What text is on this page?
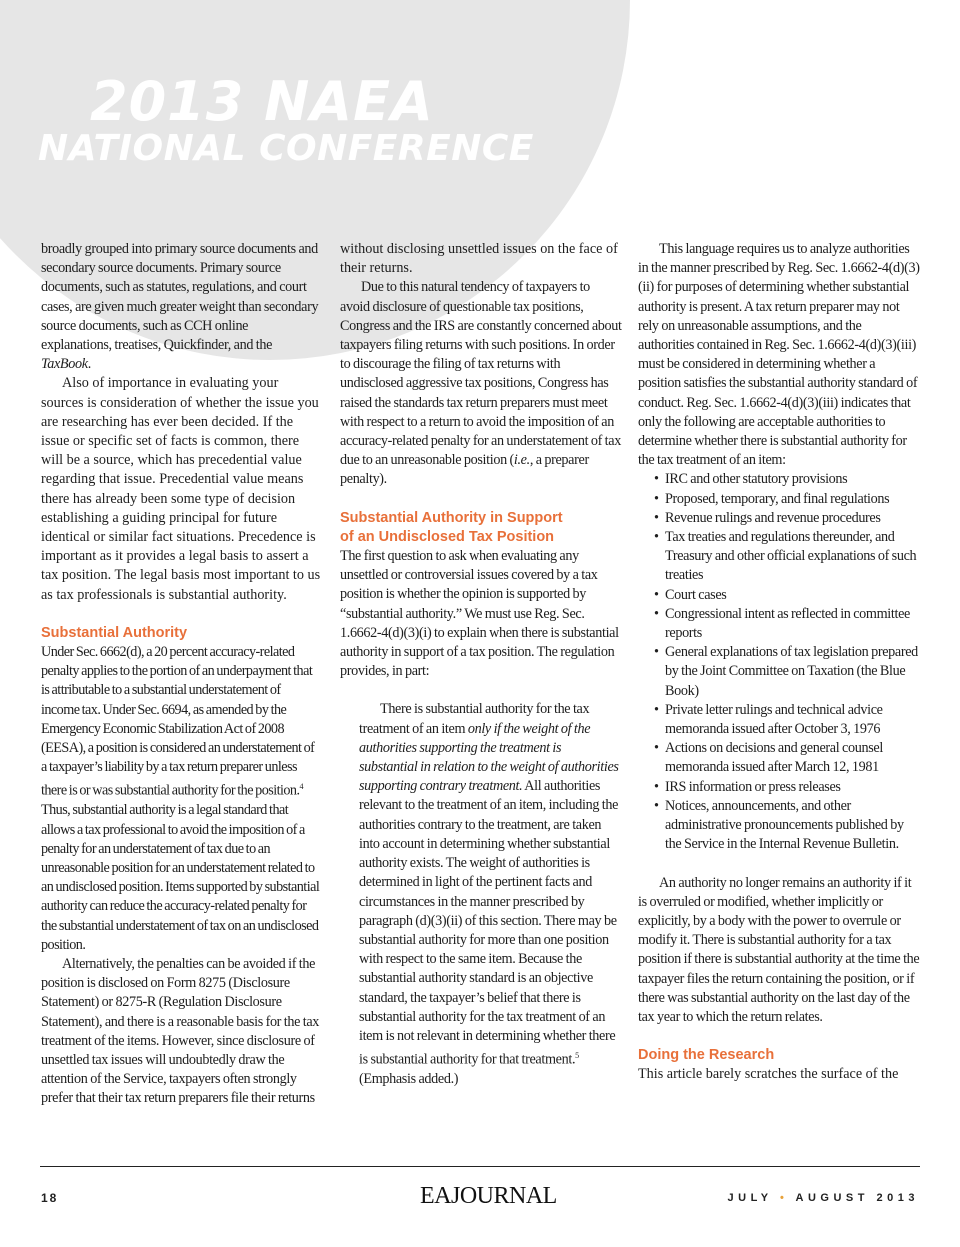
2013 NAEA
NATIONAL CONFERENCE

broadly grouped into primary source documents and secondary source documents. Primary source documents, such as statutes, regulations, and court cases, are given much greater weight than secondary source documents, such as CCH online explanations, treatises, Quickfinder, and the TaxBook.

Also of importance in evaluating your sources is consideration of whether the issue you are researching has ever been decided. If the issue or specific set of facts is common, there will be a source, which has precedential value regarding that issue. Precedential value means there has already been some type of decision establishing a guiding principal for future identical or similar fact situations. Precedence is important as it provides a legal basis to assert a tax position. The legal basis most important to us as tax professionals is substantial authority.

Substantial Authority

Under Sec. 6662(d), a 20 percent accuracy-related penalty applies to the portion of an underpayment that is attributable to a substantial understatement of income tax. Under Sec. 6694, as amended by the Emergency Economic Stabilization Act of 2008 (EESA), a position is considered an understatement of a taxpayer’s liability by a tax return preparer unless there is or was substantial authority for the position.$^4$ Thus, substantial authority is a legal standard that allows a tax professional to avoid the imposition of a penalty for an understatement of tax due to an unreasonable position for an understatement related to an undisclosed position. Items supported by substantial authority can reduce the accuracy-related penalty for the substantial understatement of tax on an undisclosed position.

Alternatively, the penalties can be avoided if the position is disclosed on Form 8275 (Disclosure Statement) or 8275-R (Regulation Disclosure Statement), and there is a reasonable basis for the tax treatment of the items. However, since disclosure of unsettled tax issues will undoubtedly draw the attention of the Service, taxpayers often strongly prefer that their tax return preparers file their returns

without disclosing unsettled issues on the face of their returns.

Due to this natural tendency of taxpayers to avoid disclosure of questionable tax positions, Congress and the IRS are constantly concerned about taxpayers filing returns with such positions. In order to discourage the filing of tax returns with undisclosed aggressive tax positions, Congress has raised the standards tax return preparers must meet with respect to a return to avoid the imposition of an accuracy-related penalty for an understatement of tax due to an unreasonable position (i.e., a preparer penalty).

Substantial Authority in Support
of an Undisclosed Tax Position

The first question to ask when evaluating any unsettled or controversial issues covered by a tax position is whether the opinion is supported by “substantial authority.” We must use Reg. Sec. 1.6662-4(d)(3)(i) to explain when there is substantial authority in support of a tax position. The regulation provides, in part:

There is substantial authority for the tax treatment of an item only if the weight of the authorities supporting the treatment is substantial in relation to the weight of authorities supporting contrary treatment. All authorities relevant to the treatment of an item, including the authorities contrary to the treatment, are taken into account in determining whether substantial authority exists. The weight of authorities is determined in light of the pertinent facts and circumstances in the manner prescribed by paragraph (d)(3)(ii) of this section. There may be substantial authority for more than one position with respect to the same item. Because the substantial authority standard is an objective standard, the taxpayer’s belief that there is substantial authority for the tax treatment of an item is not relevant in determining whether there is substantial authority for that treatment.$^5$ (Emphasis added.)

This language requires us to analyze authorities in the manner prescribed by Reg. Sec. 1.6662-4(d)(3)(ii) for purposes of determining whether substantial authority is present. A tax return preparer may not rely on unreasonable assumptions, and the authorities contained in Reg. Sec. 1.6662-4(d)(3)(iii) must be considered in determining whether a position satisfies the substantial authority standard of conduct. Reg. Sec. 1.6662-4(d)(3)(iii) indicates that only the following are acceptable authorities to determine whether there is substantial authority for the tax treatment of an item:

• IRC and other statutory provisions
• Proposed, temporary, and final regulations
• Revenue rulings and revenue procedures
• Tax treaties and regulations thereunder, and Treasury and other official explanations of such treaties
• Court cases
• Congressional intent as reflected in committee reports
• General explanations of tax legislation prepared by the Joint Committee on Taxation (the Blue Book)
• Private letter rulings and technical advice memoranda issued after October 3, 1976
• Actions on decisions and general counsel memoranda issued after March 12, 1981
• IRS information or press releases
• Notices, announcements, and other administrative pronouncements published by the Service in the Internal Revenue Bulletin.

An authority no longer remains an authority if it is overruled or modified, whether implicitly or explicitly, by a body with the power to overrule or modify it. There is substantial authority for a tax position if there is substantial authority at the time the taxpayer files the return containing the position, or if there was substantial authority on the last day of the tax year to which the return relates.

Doing the Research

This article barely scratches the surface of the

18	EAJOURNAL	JULY • AUGUST 2013
